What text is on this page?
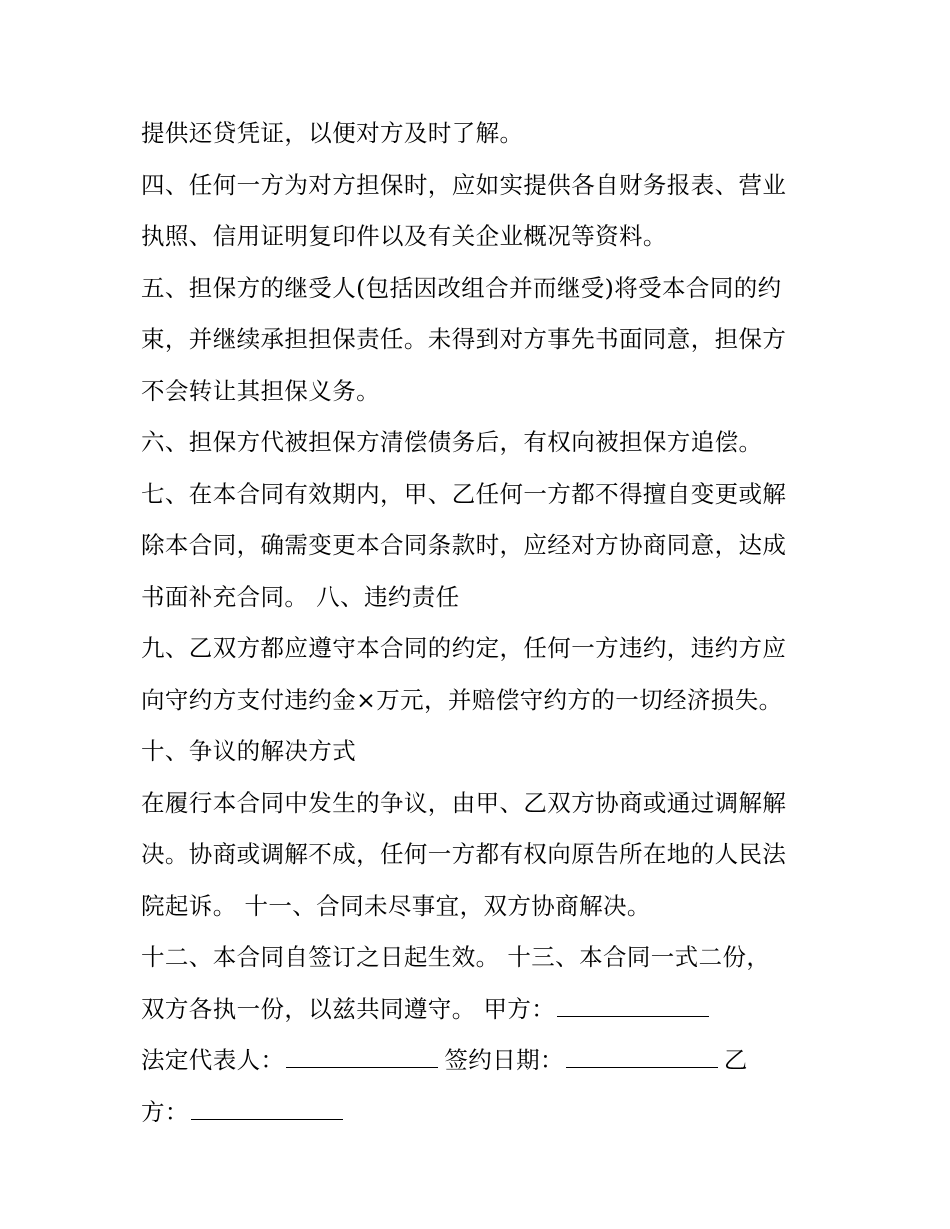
提供还贷凭证，以便对方及时了解。
四、任何一方为对方担保时，应如实提供各自财务报表、营业
执照、信用证明复印件以及有关企业概况等资料。
五、担保方的继受人(包括因改组合并而继受)将受本合同的约
束，并继续承担担保责任。未得到对方事先书面同意，担保方
不会转让其担保义务。
六、担保方代被担保方清偿债务后，有权向被担保方追偿。
七、在本合同有效期内，甲、乙任何一方都不得擅自变更或解
除本合同，确需变更本合同条款时，应经对方协商同意，达成
书面补充合同。 八、违约责任
九、乙双方都应遵守本合同的约定，任何一方违约，违约方应
向守约方支付违约金×万元，并赔偿守约方的一切经济损失。
十、争议的解决方式
在履行本合同中发生的争议，由甲、乙双方协商或通过调解解
决。协商或调解不成，任何一方都有权向原告所在地的人民法
院起诉。 十一、合同未尽事宜，双方协商解决。
十二、本合同自签订之日起生效。 十三、本合同一式二份，
双方各执一份，以兹共同遵守。 甲方：
法定代表人：	签约日期：	乙
方：
